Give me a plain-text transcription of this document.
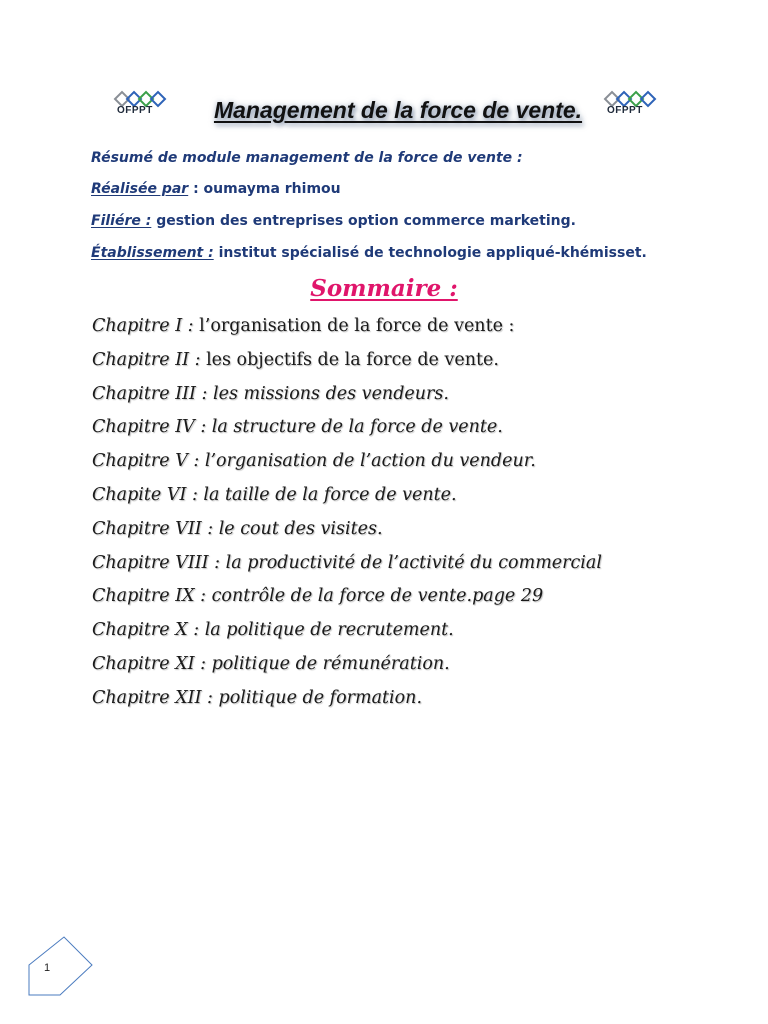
OFPPT	OFPPT
Management de la force de vente.
Résumé de module management de la force de vente :
Réalisée par : oumayma rhimou
Filiére : gestion des entreprises option commerce marketing.
Établissement : institut spécialisé de technologie appliqué-khémisset.
Sommaire :
Chapitre I : l’organisation de la force de vente :
Chapitre II : les objectifs de la force de vente.
Chapitre III : les missions des vendeurs.
Chapitre IV : la structure de la force de vente.
Chapitre V : l’organisation de l’action du vendeur.
Chapite VI : la taille de la force de vente.
Chapitre VII : le cout des visites.
Chapitre VIII : la productivité de l’activité du commercial
Chapitre IX : contrôle de la force de vente.page 29
Chapitre X : la politique de recrutement.
Chapitre XI : politique de rémunération.
Chapitre XII : politique de formation.
1
